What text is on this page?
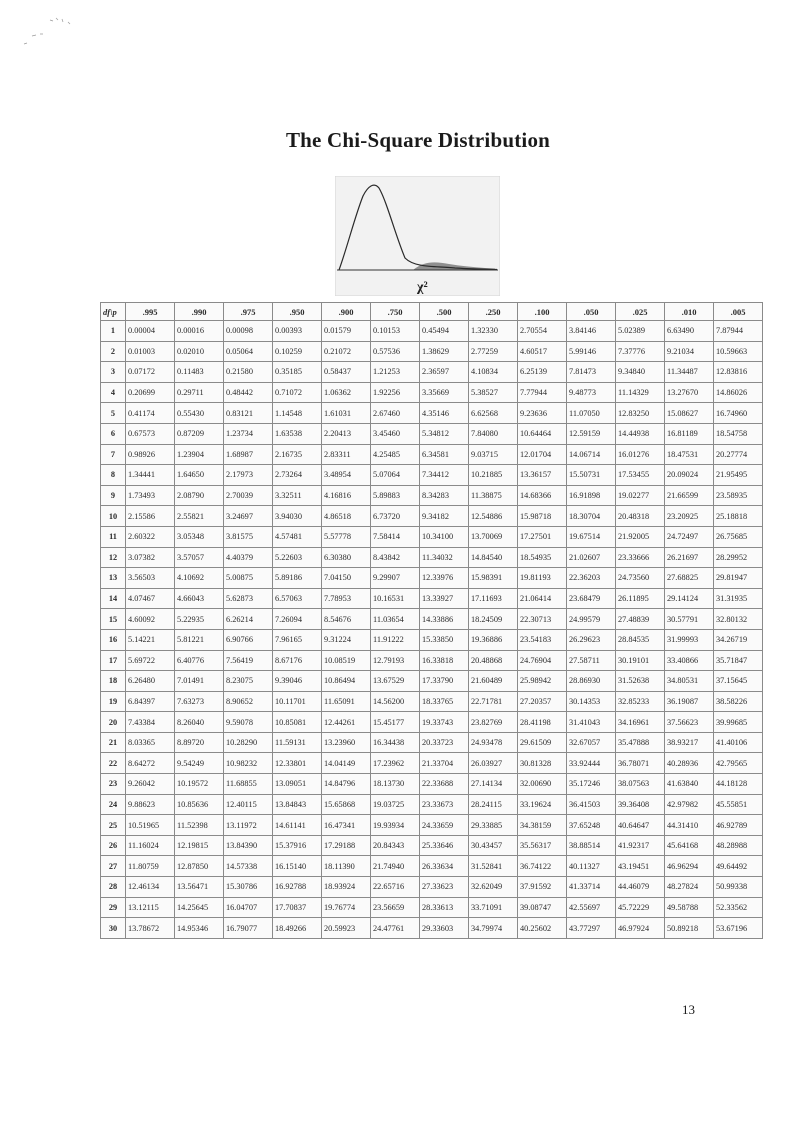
The Chi-Square Distribution
χ²
df\p	.995	.990	.975	.950	.900	.750	.500	.250	.100	.050	.025	.010	.005
1	0.00004	0.00016	0.00098	0.00393	0.01579	0.10153	0.45494	1.32330	2.70554	3.84146	5.02389	6.63490	7.87944
2	0.01003	0.02010	0.05064	0.10259	0.21072	0.57536	1.38629	2.77259	4.60517	5.99146	7.37776	9.21034	10.59663
3	0.07172	0.11483	0.21580	0.35185	0.58437	1.21253	2.36597	4.10834	6.25139	7.81473	9.34840	11.34487	12.83816
4	0.20699	0.29711	0.48442	0.71072	1.06362	1.92256	3.35669	5.38527	7.77944	9.48773	11.14329	13.27670	14.86026
5	0.41174	0.55430	0.83121	1.14548	1.61031	2.67460	4.35146	6.62568	9.23636	11.07050	12.83250	15.08627	16.74960
6	0.67573	0.87209	1.23734	1.63538	2.20413	3.45460	5.34812	7.84080	10.64464	12.59159	14.44938	16.81189	18.54758
7	0.98926	1.23904	1.68987	2.16735	2.83311	4.25485	6.34581	9.03715	12.01704	14.06714	16.01276	18.47531	20.27774
8	1.34441	1.64650	2.17973	2.73264	3.48954	5.07064	7.34412	10.21885	13.36157	15.50731	17.53455	20.09024	21.95495
9	1.73493	2.08790	2.70039	3.32511	4.16816	5.89883	8.34283	11.38875	14.68366	16.91898	19.02277	21.66599	23.58935
10	2.15586	2.55821	3.24697	3.94030	4.86518	6.73720	9.34182	12.54886	15.98718	18.30704	20.48318	23.20925	25.18818
11	2.60322	3.05348	3.81575	4.57481	5.57778	7.58414	10.34100	13.70069	17.27501	19.67514	21.92005	24.72497	26.75685
12	3.07382	3.57057	4.40379	5.22603	6.30380	8.43842	11.34032	14.84540	18.54935	21.02607	23.33666	26.21697	28.29952
13	3.56503	4.10692	5.00875	5.89186	7.04150	9.29907	12.33976	15.98391	19.81193	22.36203	24.73560	27.68825	29.81947
14	4.07467	4.66043	5.62873	6.57063	7.78953	10.16531	13.33927	17.11693	21.06414	23.68479	26.11895	29.14124	31.31935
15	4.60092	5.22935	6.26214	7.26094	8.54676	11.03654	14.33886	18.24509	22.30713	24.99579	27.48839	30.57791	32.80132
16	5.14221	5.81221	6.90766	7.96165	9.31224	11.91222	15.33850	19.36886	23.54183	26.29623	28.84535	31.99993	34.26719
17	5.69722	6.40776	7.56419	8.67176	10.08519	12.79193	16.33818	20.48868	24.76904	27.58711	30.19101	33.40866	35.71847
18	6.26480	7.01491	8.23075	9.39046	10.86494	13.67529	17.33790	21.60489	25.98942	28.86930	31.52638	34.80531	37.15645
19	6.84397	7.63273	8.90652	10.11701	11.65091	14.56200	18.33765	22.71781	27.20357	30.14353	32.85233	36.19087	38.58226
20	7.43384	8.26040	9.59078	10.85081	12.44261	15.45177	19.33743	23.82769	28.41198	31.41043	34.16961	37.56623	39.99685
21	8.03365	8.89720	10.28290	11.59131	13.23960	16.34438	20.33723	24.93478	29.61509	32.67057	35.47888	38.93217	41.40106
22	8.64272	9.54249	10.98232	12.33801	14.04149	17.23962	21.33704	26.03927	30.81328	33.92444	36.78071	40.28936	42.79565
23	9.26042	10.19572	11.68855	13.09051	14.84796	18.13730	22.33688	27.14134	32.00690	35.17246	38.07563	41.63840	44.18128
24	9.88623	10.85636	12.40115	13.84843	15.65868	19.03725	23.33673	28.24115	33.19624	36.41503	39.36408	42.97982	45.55851
25	10.51965	11.52398	13.11972	14.61141	16.47341	19.93934	24.33659	29.33885	34.38159	37.65248	40.64647	44.31410	46.92789
26	11.16024	12.19815	13.84390	15.37916	17.29188	20.84343	25.33646	30.43457	35.56317	38.88514	41.92317	45.64168	48.28988
27	11.80759	12.87850	14.57338	16.15140	18.11390	21.74940	26.33634	31.52841	36.74122	40.11327	43.19451	46.96294	49.64492
28	12.46134	13.56471	15.30786	16.92788	18.93924	22.65716	27.33623	32.62049	37.91592	41.33714	44.46079	48.27824	50.99338
29	13.12115	14.25645	16.04707	17.70837	19.76774	23.56659	28.33613	33.71091	39.08747	42.55697	45.72229	49.58788	52.33562
30	13.78672	14.95346	16.79077	18.49266	20.59923	24.47761	29.33603	34.79974	40.25602	43.77297	46.97924	50.89218	53.67196
13
